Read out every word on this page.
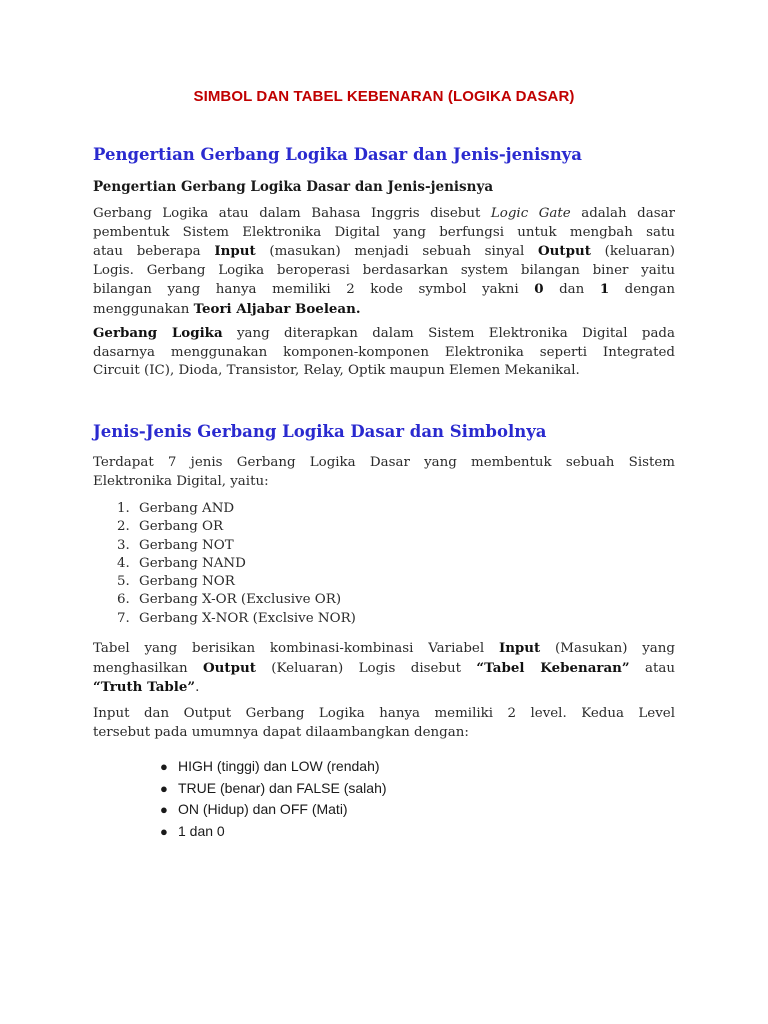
SIMBOL DAN TABEL KEBENARAN (LOGIKA DASAR)
Pengertian Gerbang Logika Dasar dan Jenis-jenisnya
Pengertian Gerbang Logika Dasar dan Jenis-jenisnya
Gerbang Logika atau dalam Bahasa Inggris disebut Logic Gate adalah dasar
pembentuk Sistem Elektronika Digital yang berfungsi untuk mengbah satu
atau beberapa Input (masukan) menjadi sebuah sinyal Output (keluaran)
Logis. Gerbang Logika beroperasi berdasarkan system bilangan biner yaitu
bilangan yang hanya memiliki 2 kode symbol yakni 0 dan 1 dengan
menggunakan Teori Aljabar Boelean.
Gerbang Logika yang diterapkan dalam Sistem Elektronika Digital pada
dasarnya menggunakan komponen-komponen Elektronika seperti Integrated
Circuit (IC), Dioda, Transistor, Relay, Optik maupun Elemen Mekanikal.
Jenis-Jenis Gerbang Logika Dasar dan Simbolnya
Terdapat 7 jenis Gerbang Logika Dasar yang membentuk sebuah Sistem
Elektronika Digital, yaitu:
1. Gerbang AND
2. Gerbang OR
3. Gerbang NOT
4. Gerbang NAND
5. Gerbang NOR
6. Gerbang X-OR (Exclusive OR)
7. Gerbang X-NOR (Exclsive NOR)
Tabel yang berisikan kombinasi-kombinasi Variabel Input (Masukan) yang
menghasilkan Output (Keluaran) Logis disebut “Tabel Kebenaran” atau
“Truth Table”.
Input dan Output Gerbang Logika hanya memiliki 2 level. Kedua Level
tersebut pada umumnya dapat dilaambangkan dengan:
● HIGH (tinggi) dan LOW (rendah)
● TRUE (benar) dan FALSE (salah)
● ON (Hidup) dan OFF (Mati)
● 1 dan 0
